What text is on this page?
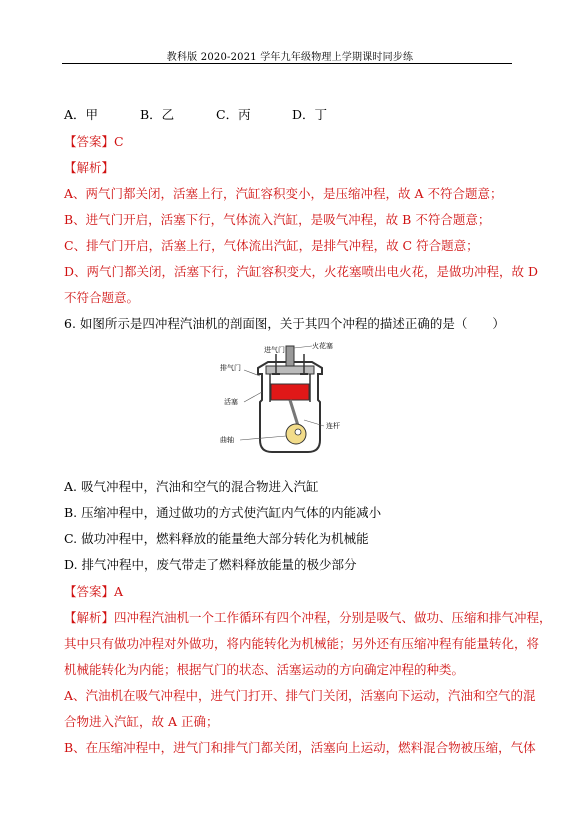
教科版 2020-2021 学年九年级物理上学期课时同步练
A．甲	B．乙	C．丙	D．丁
【答案】C
【解析】
A、两气门都关闭，活塞上行，汽缸容积变小，是压缩冲程，故 A 不符合题意；
B、进气门开启，活塞下行，气体流入汽缸，是吸气冲程，故 B 不符合题意；
C、排气门开启，活塞上行，气体流出汽缸，是排气冲程，故 C 符合题意；
D、两气门都关闭，活塞下行，汽缸容积变大，火花塞喷出电火花，是做功冲程，故 D
不符合题意。
6. 如图所示是四冲程汽油机的剖面图，关于其四个冲程的描述正确的是（　　）
进气门	火花塞
排气门
活塞
曲轴
连杆
A. 吸气冲程中，汽油和空气的混合物进入汽缸
B. 压缩冲程中，通过做功的方式使汽缸内气体的内能减小
C. 做功冲程中，燃料释放的能量绝大部分转化为机械能
D. 排气冲程中，废气带走了燃料释放能量的极少部分
【答案】A
【解析】四冲程汽油机一个工作循环有四个冲程，分别是吸气、做功、压缩和排气冲程，
其中只有做功冲程对外做功，将内能转化为机械能；另外还有压缩冲程有能量转化，将
机械能转化为内能；根据气门的状态、活塞运动的方向确定冲程的种类。
A、汽油机在吸气冲程中，进气门打开、排气门关闭，活塞向下运动，汽油和空气的混
合物进入汽缸，故 A 正确；
B、在压缩冲程中，进气门和排气门都关闭，活塞向上运动，燃料混合物被压缩，气体
